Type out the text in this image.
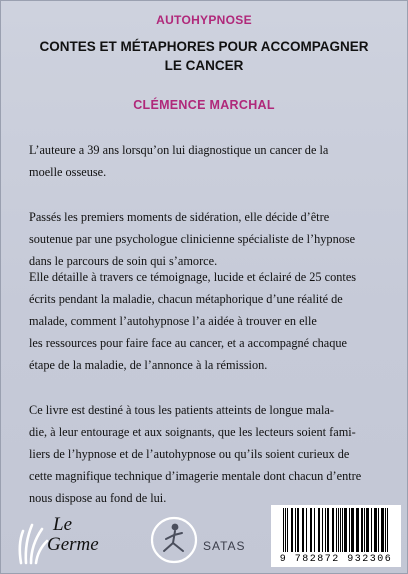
AUTOHYPNOSE
CONTES ET MÉTAPHORES POUR ACCOMPAGNER
LE CANCER
CLÉMENCE MARCHAL
L’auteure a 39 ans lorsqu’on lui diagnostique un cancer de la
moelle osseuse.
Passés les premiers moments de sidération, elle décide d’être
soutenue par une psychologue clinicienne spécialiste de l’hypnose
dans le parcours de soin qui s’amorce.
Elle détaille à travers ce témoignage, lucide et éclairé de 25 contes
écrits pendant la maladie, chacun métaphorique d’une réalité de
malade, comment l’autohypnose l’a aidée à trouver en elle
les ressources pour faire face au cancer, et a accompagné chaque
étape de la maladie, de l’annonce à la rémission.
Ce livre est destiné à tous les patients atteints de longue mala-
die, à leur entourage et aux soignants, que les lecteurs soient fami-
liers de l’hypnose et de l’autohypnose ou qu’ils soient curieux de
cette magnifique technique d’imagerie mentale dont chacun d’entre
nous dispose au fond de lui.
Le
Germe	SATAS
9 782872 932306
